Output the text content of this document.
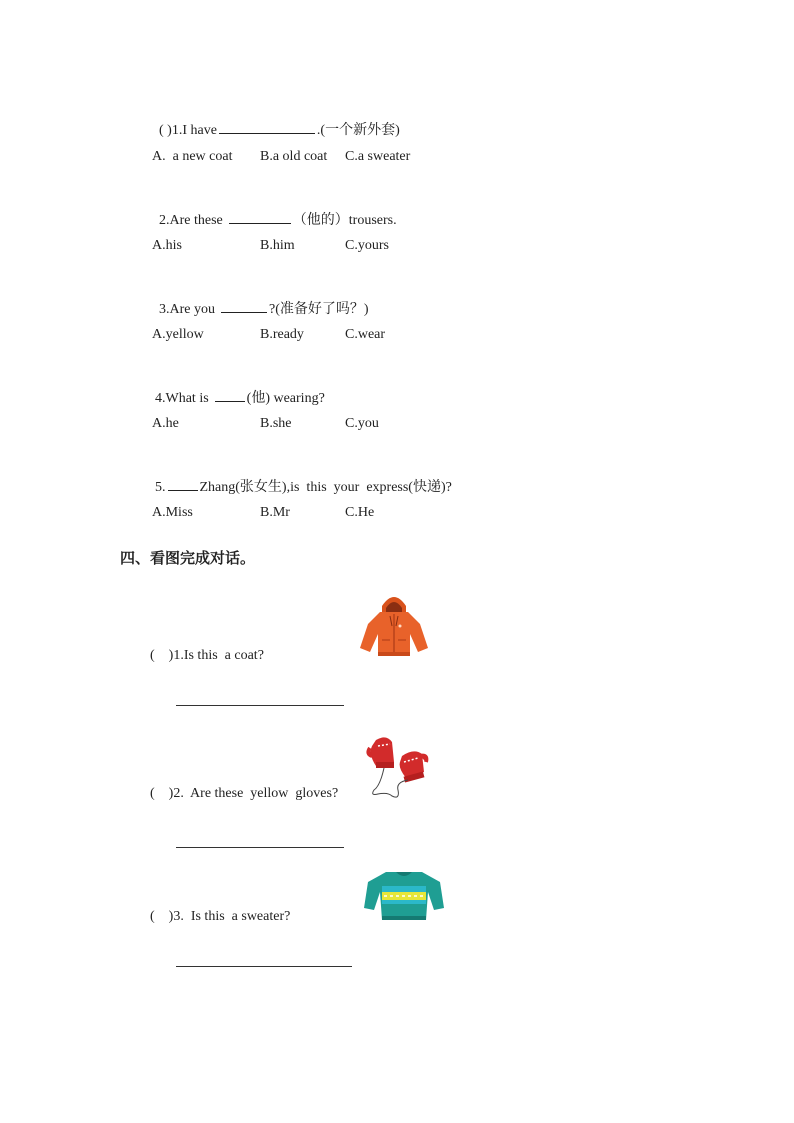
( )1.I have	.(一个新外套)

A.  a new coat B.a old coat C.a sweater

2.Are these	（他的）trousers.

A.his	B.him	C.yours

3.Are you	?(准备好了吗？)

A.yellow	B.ready	C.wear

4.What is	(他) wearing?

A.he	B.she	C.you

5. Zhang(张女生),is  this  your  express(快递)?

A.Miss	B.Mr	C.He
四、看图完成对话。
(    )1.Is this  a coat?
(    )2.  Are these  yellow  gloves?
(    )3.  Is this  a sweater?
